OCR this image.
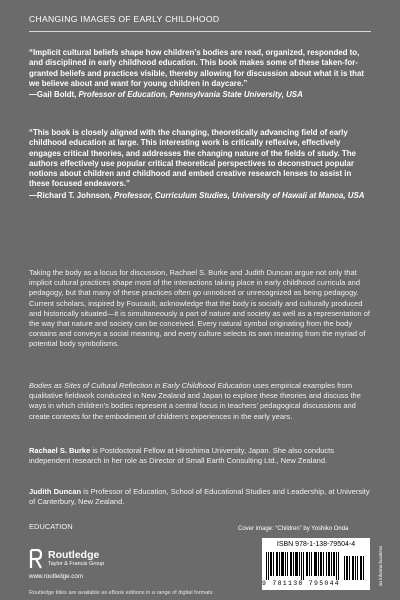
CHANGING IMAGES OF EARLY CHILDHOOD

“Implicit cultural beliefs shape how children’s bodies are read, organized, responded to, and disciplined in early childhood education. This book makes some of these taken-for-granted beliefs and practices visible, thereby allowing for discussion about what it is that we believe about and want for young children in daycare.”

—Gail Boldt, Professor of Education, Pennsylvania State University, USA

“This book is closely aligned with the changing, theoretically advancing field of early childhood education at large. This interesting work is critically reflexive, effectively engages critical theories, and addresses the changing nature of the fields of study. The authors effectively use popular critical theoretical perspectives to deconstruct popular notions about children and childhood and embed creative research lenses to assist in these focused endeavors.”

—Richard T. Johnson, Professor, Curriculum Studies, University of Hawaii at Manoa, USA

Taking the body as a locus for discussion, Rachael S. Burke and Judith Duncan argue not only that implicit cultural practices shape most of the interactions taking place in early childhood curricula and pedagogy, but that many of these practices often go unnoticed or unrecognized as being pedagogy. Current scholars, inspired by Foucault, acknowledge that the body is socially and culturally produced and historically situated—it is simultaneously a part of nature and society as well as a representation of the way that nature and society can be conceived. Every natural symbol originating from the body contains and conveys a social meaning, and every culture selects its own meaning from the myriad of potential body symbolisms.

Bodies as Sites of Cultural Reflection in Early Childhood Education uses empirical examples from qualitative fieldwork conducted in New Zealand and Japan to explore these theories and discuss the ways in which children’s bodies represent a central focus in teachers’ pedagogical discussions and create contexts for the embodiment of children’s experiences in the early years.

Rachael S. Burke is Postdoctoral Fellow at Hiroshima University, Japan. She also conducts independent research in her role as Director of Small Earth Consulting Ltd., New Zealand.

Judith Duncan is Professor of Education, School of Educational Studies and Leadership, at University of Canterbury, New Zealand.

EDUCATION
Routledge
Taylor & Francis Group
www.routledge.com
Routledge titles are available as eBook editions in a range of digital formats
Cover image: “Children” by Yoshiko Onda
ISBN 978-1-138-79504-4
9 781138 795044	an informa business
